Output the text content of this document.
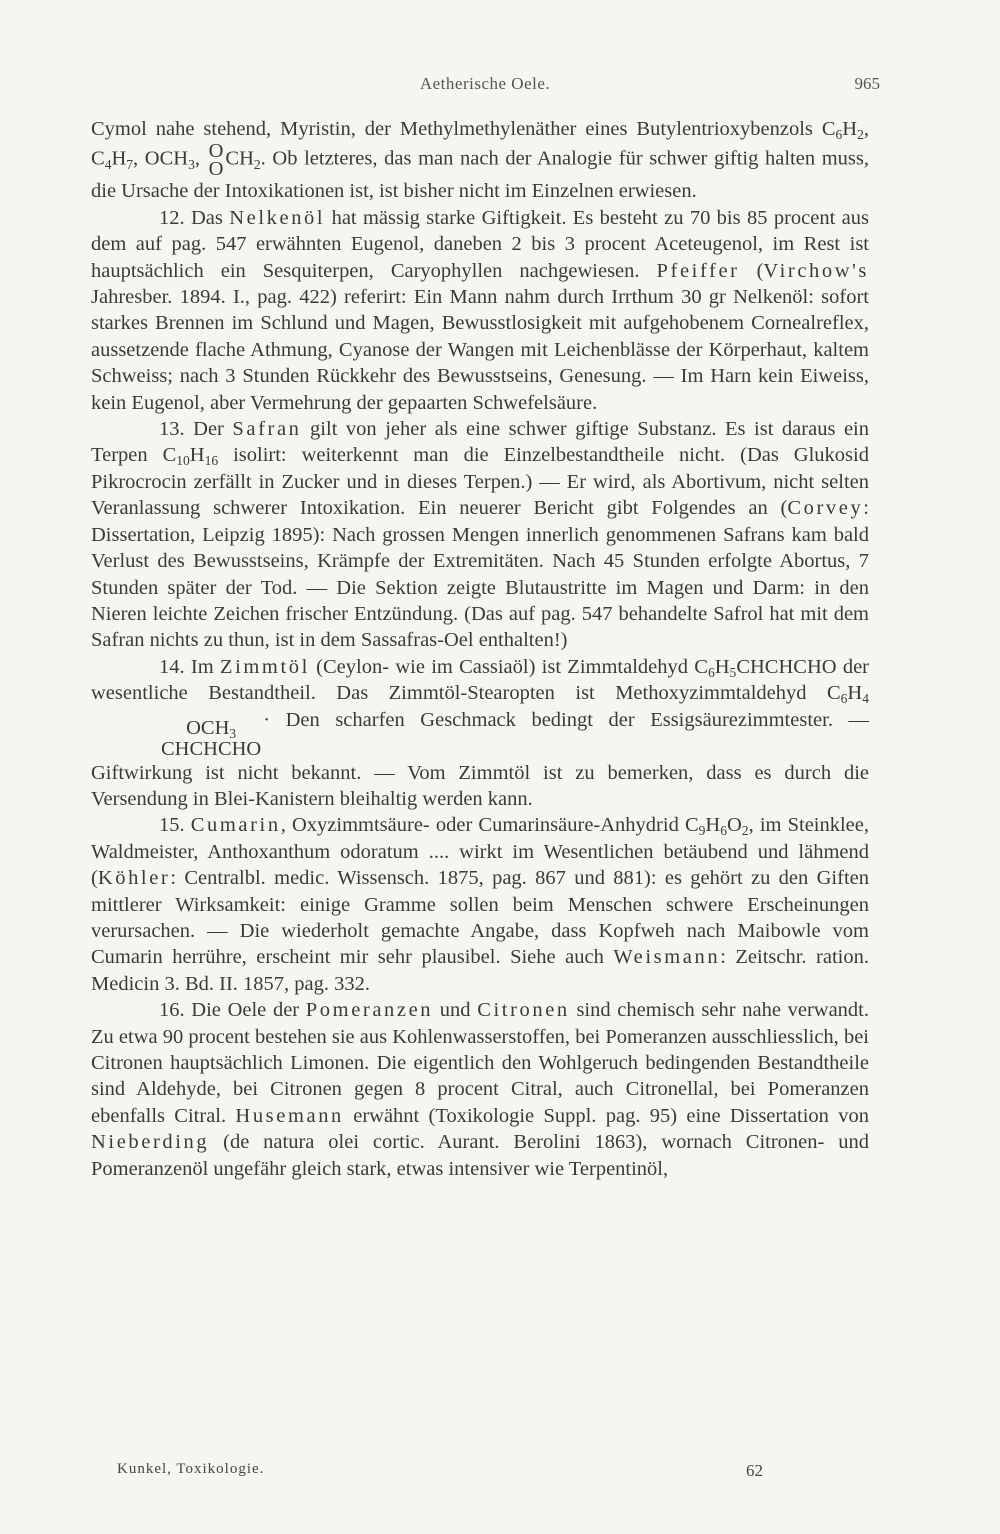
Aetherische Oele.	965

Cymol nahe stehend, Myristin, der Methylmethylenäther eines Butylentrioxybenzols $C_6H_2$, $C_4H_7$, $OCH_3$, O
O $CH_2$. Ob letzteres, das man nach der Analogie für schwer giftig halten muss, die Ursache der Intoxikationen ist, ist bisher nicht im Einzelnen erwiesen.

12. Das Nelkenöl hat mässig starke Giftigkeit. Es besteht zu 70 bis 85 procent aus dem auf pag. 547 erwähnten Eugenol, daneben 2 bis 3 procent Aceteugenol, im Rest ist hauptsächlich ein Sesquiterpen, Caryophyllen nachgewiesen. Pfeiffer (Virchow's Jahresber. 1894. I., pag. 422) referirt: Ein Mann nahm durch Irrthum 30 gr Nelkenöl: sofort starkes Brennen im Schlund und Magen, Bewusstlosigkeit mit aufgehobenem Cornealreflex, aussetzende flache Athmung, Cyanose der Wangen mit Leichenblässe der Körperhaut, kaltem Schweiss; nach 3 Stunden Rückkehr des Bewusstseins, Genesung. — Im Harn kein Eiweiss, kein Eugenol, aber Vermehrung der gepaarten Schwefelsäure.

13. Der Safran gilt von jeher als eine schwer giftige Substanz. Es ist daraus ein Terpen $C_{10}H_{16}$ isolirt: weiterkennt man die Einzelbestandtheile nicht. (Das Glukosid Pikrocrocin zerfällt in Zucker und in dieses Terpen.) — Er wird, als Abortivum, nicht selten Veranlassung schwerer Intoxikation. Ein neuerer Bericht gibt Folgendes an (Corvey: Dissertation, Leipzig 1895): Nach grossen Mengen innerlich genommenen Safrans kam bald Verlust des Bewusstseins, Krämpfe der Extremitäten. Nach 45 Stunden erfolgte Abortus, 7 Stunden später der Tod. — Die Sektion zeigte Blutaustritte im Magen und Darm: in den Nieren leichte Zeichen frischer Entzündung. (Das auf pag. 547 behandelte Safrol hat mit dem Safran nichts zu thun, ist in dem Sassafras-Oel enthalten!)

14. Im Zimmtöl (Ceylon- wie im Cassiaöl) ist Zimmtaldehyd $C_6H_5CHCHCHO$ der wesentliche Bestandtheil. Das Zimmtöl-Stearopten ist Methoxyzimmtaldehyd $C_6H_4$
$OCH_3$
CHCHCHO
· Den scharfen Geschmack bedingt der Essigsäurezimmtester. — Giftwirkung ist nicht bekannt. — Vom Zimmtöl ist zu bemerken, dass es durch die Versendung in Blei-Kanistern bleihaltig werden kann.

15. Cumarin, Oxyzimmtsäure- oder Cumarinsäure-Anhydrid $C_9H_6O_2$, im Steinklee, Waldmeister, Anthoxanthum odoratum .... wirkt im Wesentlichen betäubend und lähmend (Köhler: Centralbl. medic. Wissensch. 1875, pag. 867 und 881): es gehört zu den Giften mittlerer Wirksamkeit: einige Gramme sollen beim Menschen schwere Erscheinungen verursachen. — Die wiederholt gemachte Angabe, dass Kopfweh nach Maibowle vom Cumarin herrühre, erscheint mir sehr plausibel. Siehe auch Weismann: Zeitschr. ration. Medicin 3. Bd. II. 1857, pag. 332.

16. Die Oele der Pomeranzen und Citronen sind chemisch sehr nahe verwandt. Zu etwa 90 procent bestehen sie aus Kohlenwasserstoffen, bei Pomeranzen ausschliesslich, bei Citronen hauptsächlich Limonen. Die eigentlich den Wohlgeruch bedingenden Bestandtheile sind Aldehyde, bei Citronen gegen 8 procent Citral, auch Citronellal, bei Pomeranzen ebenfalls Citral. Husemann erwähnt (Toxikologie Suppl. pag. 95) eine Dissertation von Nieberding (de natura olei cortic. Aurant. Berolini 1863), wornach Citronen- und Pomeranzenöl ungefähr gleich stark, etwas intensiver wie Terpentinöl,

Kunkel, Toxikologie.	62
